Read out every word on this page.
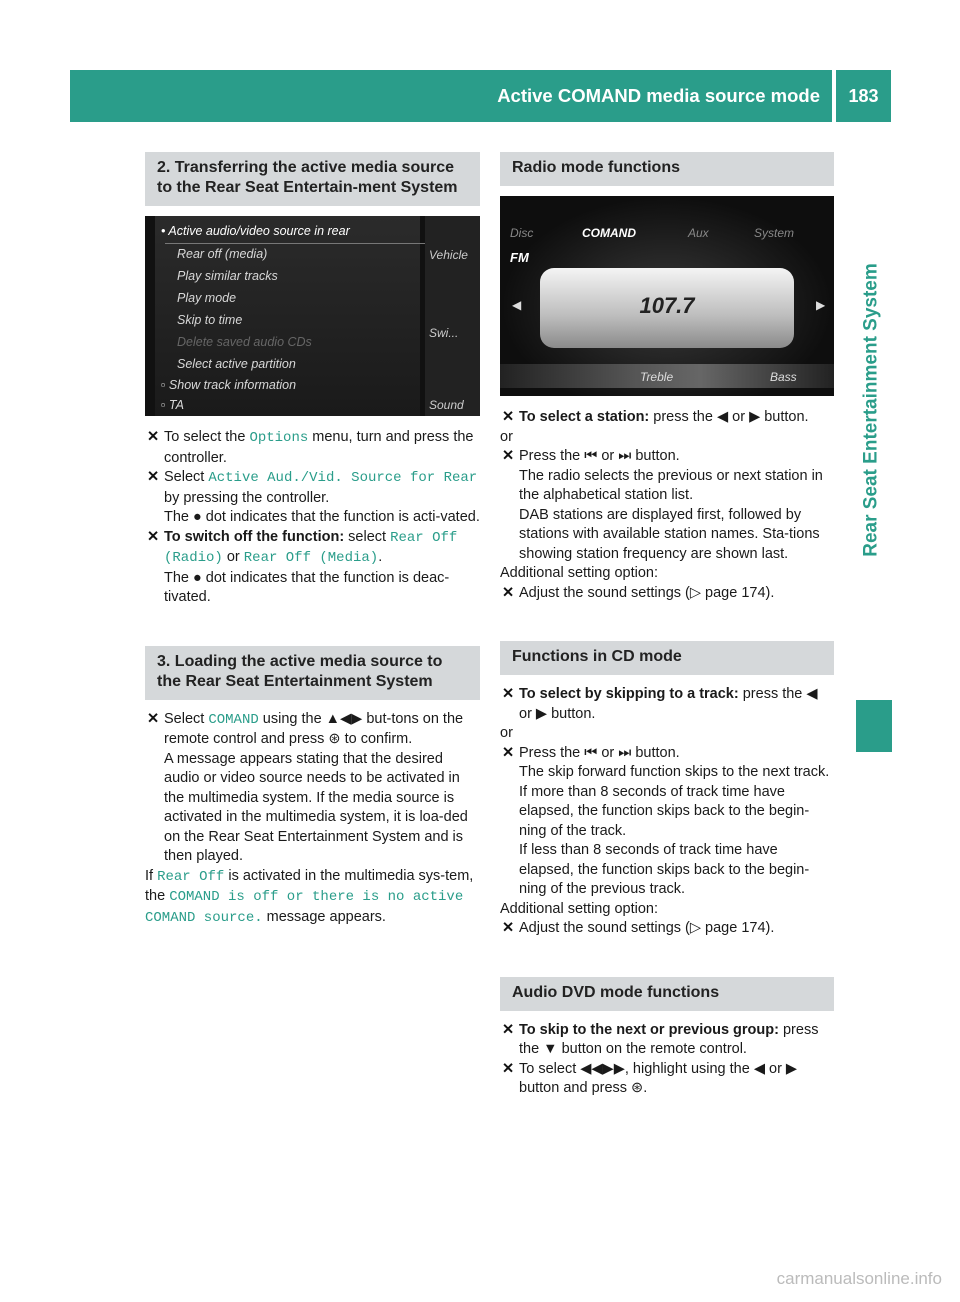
Active COMAND media source mode	183
Rear Seat Entertainment System
2. Transferring the active media source to the Rear Seat Entertain-ment System
• Active audio/video source in rear
Rear off (media)
Play similar tracks
Play mode
Skip to time
Delete saved audio CDs
Select active partition
▫ Show track information
▫ TA
Vehicle
Swi...
Sound
✕ To select the Options menu, turn and press the controller.
✕ Select Active Aud./Vid. Source for Rear by pressing the controller.
The ● dot indicates that the function is acti-vated.
✕ To switch off the function: select Rear Off (Radio) or Rear Off (Media).
The ● dot indicates that the function is deac-tivated.
3. Loading the active media source to the Rear Seat Entertainment System
✕ Select COMAND using the ▲◀▶ but-tons on the remote control and press ⊛ to confirm.
A message appears stating that the desired audio or video source needs to be activated in the multimedia system. If the media source is activated in the multimedia system, it is loa-ded on the Rear Seat Entertainment System and is then played.
If Rear Off is activated in the multimedia sys-tem, the COMAND is off or there is no active COMAND source. message appears.
Radio mode functions
Disc	COMAND	Aux	System
FM
107.7
◀	▶
Treble	Bass
✕ To select a station: press the ◀ or ▶ button.
or
✕ Press the ⏮ or ⏭ button.
The radio selects the previous or next station in the alphabetical station list.
DAB stations are displayed first, followed by stations with available station names. Sta-tions showing station frequency are shown last.
Additional setting option:
✕ Adjust the sound settings (▷ page 174).
Functions in CD mode
✕ To select by skipping to a track: press the ◀ or ▶ button.
or
✕ Press the ⏮ or ⏭ button.
The skip forward function skips to the next track.
If more than 8 seconds of track time have elapsed, the function skips back to the begin-ning of the track.
If less than 8 seconds of track time have elapsed, the function skips back to the begin-ning of the previous track.
Additional setting option:
✕ Adjust the sound settings (▷ page 174).
Audio DVD mode functions
✕ To skip to the next or previous group: press the ▼ button on the remote control.
✕ To select ◀◀▶▶, highlight using the ◀ or ▶ button and press ⊛.
carmanualsonline.info
